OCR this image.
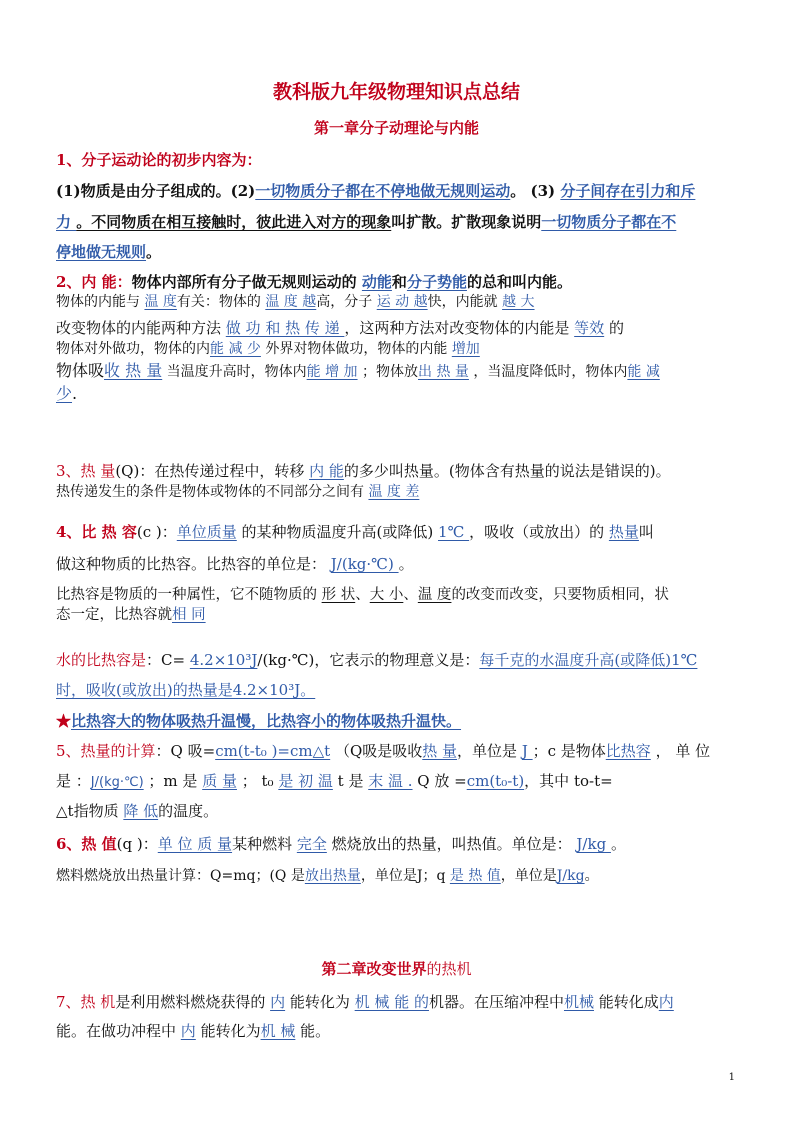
教科版九年级物理知识点总结
第一章分子动理论与内能
1、分子运动论的初步内容为：
(1)物质是由分子组成的。(2)一切物质分子都在不停地做无规则运动。 (3) 分子间存在引力和斥
力 。不同物质在相互接触时，彼此进入对方的现象叫扩散。扩散现象说明一切物质分子都在不
停地做无规则。
2、内 能：物体内部所有分子做无规则运动的 动能和分子势能的总和叫内能。
物体的内能与 温 度有关：物体的 温 度 越高，分子 运 动 越快，内能就 越 大
改变物体的内能两种方法 做 功 和 热 传 递 ，这两种方法对改变物体的内能是 等效 的
物体对外做功，物体的内能 减 少 外界对物体做功，物体的内能 增加
物体吸收 热 量 当温度升高时，物体内能 增 加 ；物体放出 热 量 ，当温度降低时，物体内能 减
少.
3、热 量(Q)：在热传递过程中，转移 内 能的多少叫热量。(物体含有热量的说法是错误的)。
热传递发生的条件是物体或物体的不同部分之间有 温 度 差
4、比 热 容(c )：单位质量 的某种物质温度升高(或降低) 1℃ ，吸收（或放出）的 热量叫
做这种物质的比热容。比热容的单位是： J/(kg·℃) 。
比热容是物质的一种属性，它不随物质的 形 状、大 小、温 度的改变而改变，只要物质相同，状
态一定，比热容就相 同
水的比热容是：C= 4.2×10³J/(kg·℃)，它表示的物理意义是：每千克的水温度升高(或降低)1℃
时，吸收(或放出)的热量是4.2×10³J。
★比热容大的物体吸热升温慢，比热容小的物体吸热升温快。
5、热量的计算：Q 吸=cm(t-t₀ )=cm△t （Q吸是吸收热 量，单位是 J ；c 是物体比热容 ， 单 位
是 ：J/(kg·℃) ；m 是 质 量 ； t₀ 是 初 温 t 是 末 温 . Q 放 =cm(t₀-t)，其中 to-t=
△t指物质 降 低的温度。
6、热 值(q )：单 位 质 量某种燃料 完全 燃烧放出的热量，叫热值。单位是： J/kg 。
燃料燃烧放出热量计算：Q=mq；(Q 是放出热量，单位是J；q 是 热 值，单位是J/kg。
第二章改变世界的热机
7、热 机是利用燃料燃烧获得的 内 能转化为 机 械 能 的机器。在压缩冲程中机械 能转化成内
能。在做功冲程中 内 能转化为机 械 能。
1
